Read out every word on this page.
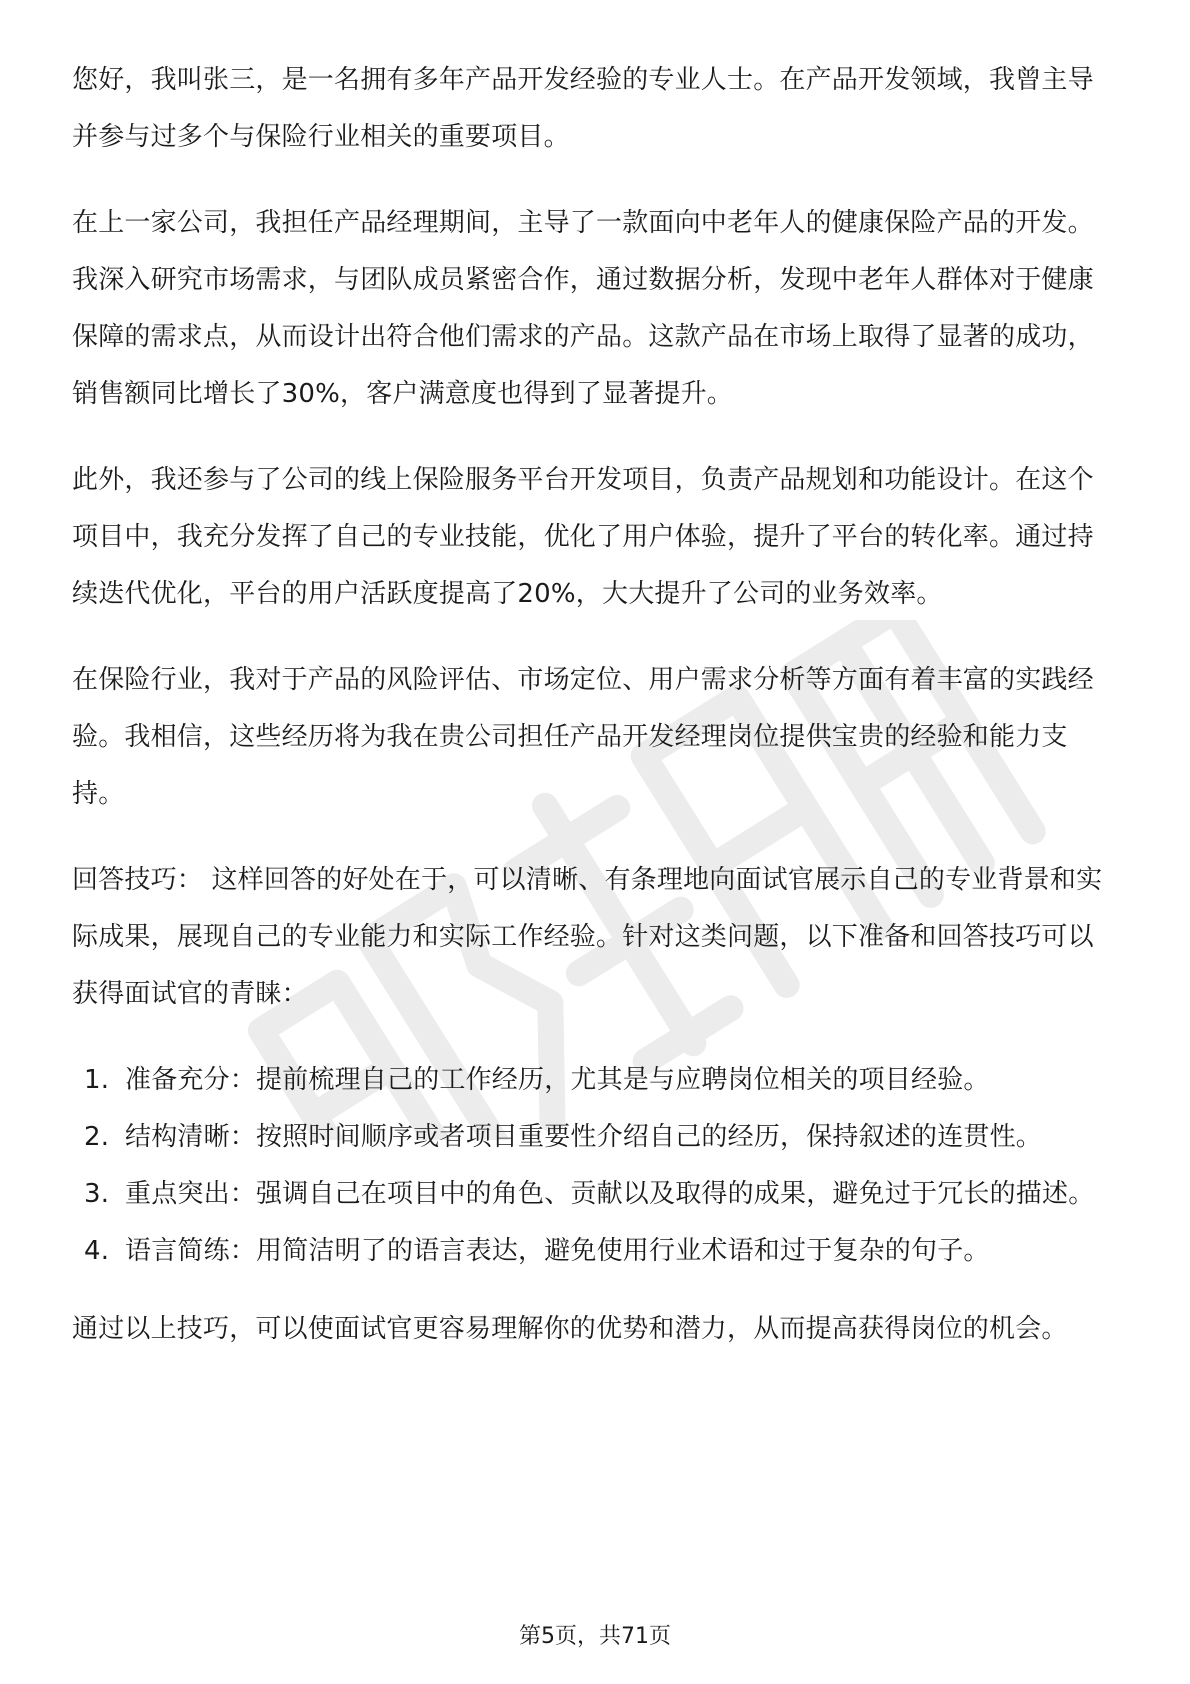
您好，我叫张三，是一名拥有多年产品开发经验的专业人士。在产品开发领域，我曾主导并参与过多个与保险行业相关的重要项目。

在上一家公司，我担任产品经理期间，主导了一款面向中老年人的健康保险产品的开发。我深入研究市场需求，与团队成员紧密合作，通过数据分析，发现中老年人群体对于健康保障的需求点，从而设计出符合他们需求的产品。这款产品在市场上取得了显著的成功，销售额同比增长了30%，客户满意度也得到了显著提升。

此外，我还参与了公司的线上保险服务平台开发项目，负责产品规划和功能设计。在这个项目中，我充分发挥了自己的专业技能，优化了用户体验，提升了平台的转化率。通过持续迭代优化，平台的用户活跃度提高了20%，大大提升了公司的业务效率。

在保险行业，我对于产品的风险评估、市场定位、用户需求分析等方面有着丰富的实践经验。我相信，这些经历将为我在贵公司担任产品开发经理岗位提供宝贵的经验和能力支持。

回答技巧： 这样回答的好处在于，可以清晰、有条理地向面试官展示自己的专业背景和实际成果，展现自己的专业能力和实际工作经验。针对这类问题，以下准备和回答技巧可以获得面试官的青睐：

1. 准备充分：提前梳理自己的工作经历，尤其是与应聘岗位相关的项目经验。
2. 结构清晰：按照时间顺序或者项目重要性介绍自己的经历，保持叙述的连贯性。
3. 重点突出：强调自己在项目中的角色、贡献以及取得的成果，避免过于冗长的描述。
4. 语言简练：用简洁明了的语言表达，避免使用行业术语和过于复杂的句子。

通过以上技巧，可以使面试官更容易理解你的优势和潜力，从而提高获得岗位的机会。

第5页，共71页
